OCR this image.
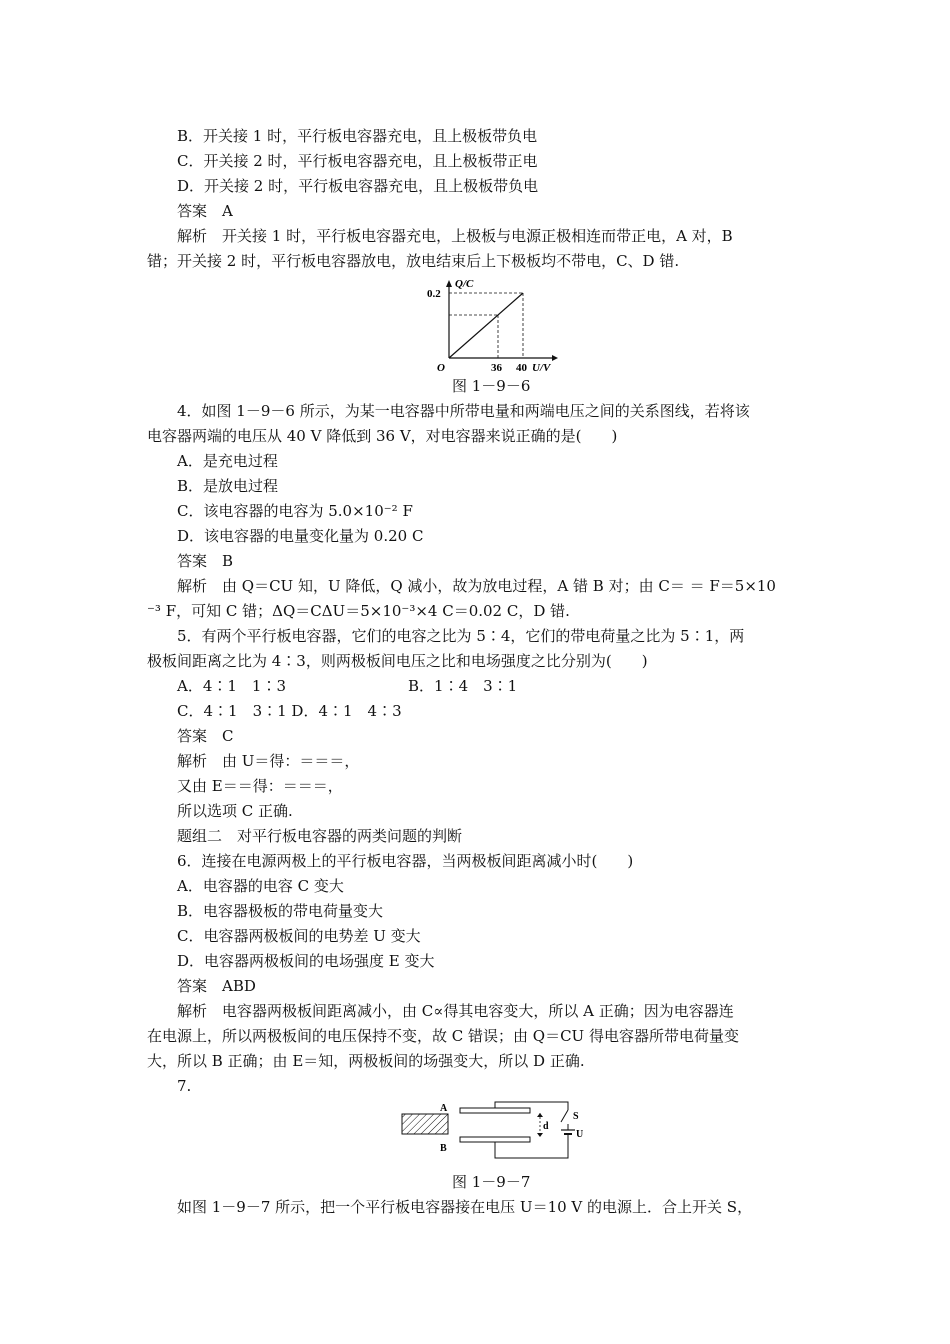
B．开关接 1 时，平行板电容器充电，且上极板带负电
C．开关接 2 时，平行板电容器充电，且上极板带正电
D．开关接 2 时，平行板电容器充电，且上极板带负电
答案　A
解析　开关接 1 时，平行板电容器充电，上极板与电源正极相连而带正电，A 对，B
错；开关接 2 时，平行板电容器放电，放电结束后上下极板均不带电，C、D 错.
Q/C
0.2
O	36 40 U/V
图 1－9－6
4．如图 1－9－6 所示，为某一电容器中所带电量和两端电压之间的关系图线，若将该
电容器两端的电压从 40 V 降低到 36 V，对电容器来说正确的是(　　)
A．是充电过程
B．是放电过程
C．该电容器的电容为 5.0×10⁻² F
D．该电容器的电量变化量为 0.20 C
答案　B
解析　由 Q＝CU 知，U 降低，Q 减小，故为放电过程，A 错 B 对；由 C＝ ＝ F＝5×10
⁻³ F，可知 C 错；ΔQ＝CΔU＝5×10⁻³×4 C＝0.02 C，D 错.
5．有两个平行板电容器，它们的电容之比为 5∶4，它们的带电荷量之比为 5∶1，两
极板间距离之比为 4∶3，则两极板间电压之比和电场强度之比分别为(　　)
A．4∶1　1∶3	B．1∶4　3∶1
C．4∶1　3∶1 D．4∶1　4∶3
答案　C
解析　由 U＝得：＝＝＝，
又由 E＝＝得：＝＝＝，
所以选项 C 正确.
题组二　对平行板电容器的两类问题的判断
6．连接在电源两极上的平行板电容器，当两极板间距离减小时(　　)
A．电容器的电容 C 变大
B．电容器极板的带电荷量变大
C．电容器两极板间的电势差 U 变大
D．电容器两极板间的电场强度 E 变大
答案　ABD
解析　电容器两极板间距离减小，由 C∝得其电容变大，所以 A 正确；因为电容器连
在电源上，所以两极板间的电压保持不变，故 C 错误；由 Q＝CU 得电容器所带电荷量变
大，所以 B 正确；由 E＝知，两极板间的场强变大，所以 D 正确.
7.
A
B
S
U
d
图 1－9－7
如图 1－9－7 所示，把一个平行板电容器接在电压 U＝10 V 的电源上．合上开关 S，
